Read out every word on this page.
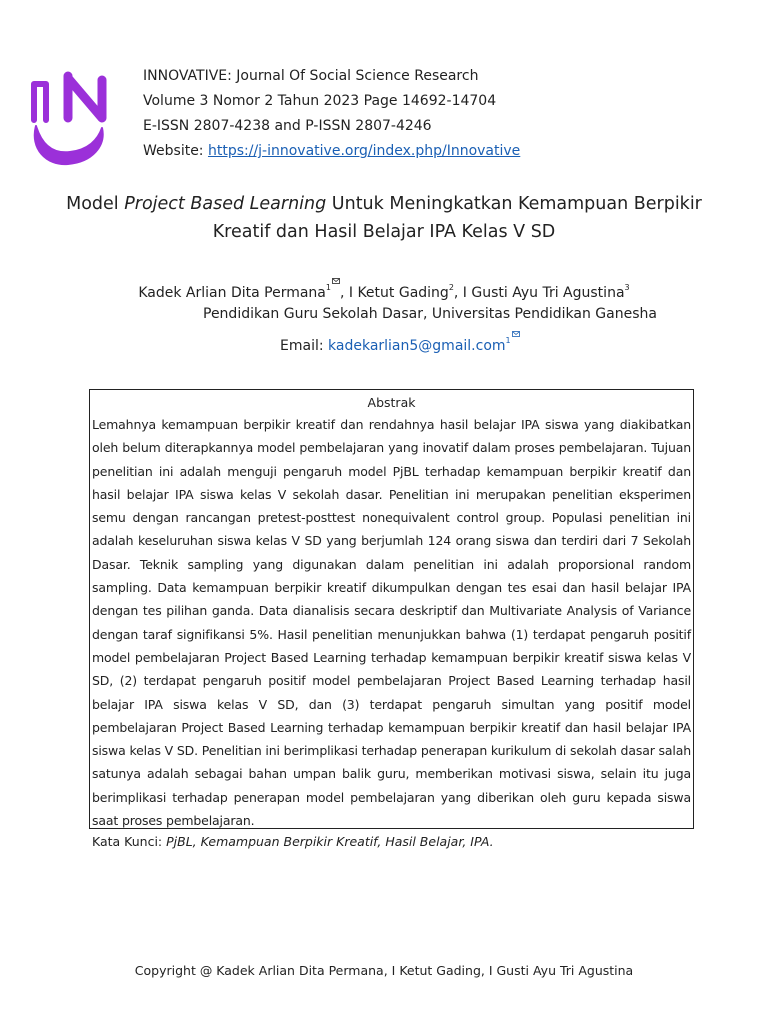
INNOVATIVE: Journal Of Social Science Research
Volume 3 Nomor 2 Tahun 2023 Page 14692-14704
E-ISSN 2807-4238 and P-ISSN 2807-4246
Website: https://j-innovative.org/index.php/Innovative
Model Project Based Learning Untuk Meningkatkan Kemampuan Berpikir
Kreatif dan Hasil Belajar IPA Kelas V SD
Kadek Arlian Dita Permana$^1$ , I Ketut Gading$^2$, I Gusti Ayu Tri Agustina$^3$
Pendidikan Guru Sekolah Dasar, Universitas Pendidikan Ganesha
Email: kadekarlian5@gmail.com$^1$
Abstrak
Lemahnya kemampuan berpikir kreatif dan rendahnya hasil belajar IPA siswa yang diakibatkan oleh belum diterapkannya model pembelajaran yang inovatif dalam proses pembelajaran. Tujuan penelitian ini adalah menguji pengaruh model PjBL terhadap kemampuan berpikir kreatif dan hasil belajar IPA siswa kelas V sekolah dasar. Penelitian ini merupakan penelitian eksperimen semu dengan rancangan pretest-posttest nonequivalent control group. Populasi penelitian ini adalah keseluruhan siswa kelas V SD yang berjumlah 124 orang siswa dan terdiri dari 7 Sekolah Dasar. Teknik sampling yang digunakan dalam penelitian ini adalah proporsional random sampling. Data kemampuan berpikir kreatif dikumpulkan dengan tes esai dan hasil belajar IPA dengan tes pilihan ganda. Data dianalisis secara deskriptif dan Multivariate Analysis of Variance dengan taraf signifikansi 5%. Hasil penelitian menunjukkan bahwa (1) terdapat pengaruh positif model pembelajaran Project Based Learning terhadap kemampuan berpikir kreatif siswa kelas V SD, (2) terdapat pengaruh positif model pembelajaran Project Based Learning terhadap hasil belajar IPA siswa kelas V SD, dan (3) terdapat pengaruh simultan yang positif model pembelajaran Project Based Learning terhadap kemampuan berpikir kreatif dan hasil belajar IPA siswa kelas V SD. Penelitian ini berimplikasi terhadap penerapan kurikulum di sekolah dasar salah satunya adalah sebagai bahan umpan balik guru, memberikan motivasi siswa, selain itu juga berimplikasi terhadap penerapan model pembelajaran yang diberikan oleh guru kepada siswa saat proses pembelajaran.
Kata Kunci: PjBL, Kemampuan Berpikir Kreatif, Hasil Belajar, IPA.
Copyright @ Kadek Arlian Dita Permana, I Ketut Gading, I Gusti Ayu Tri Agustina
